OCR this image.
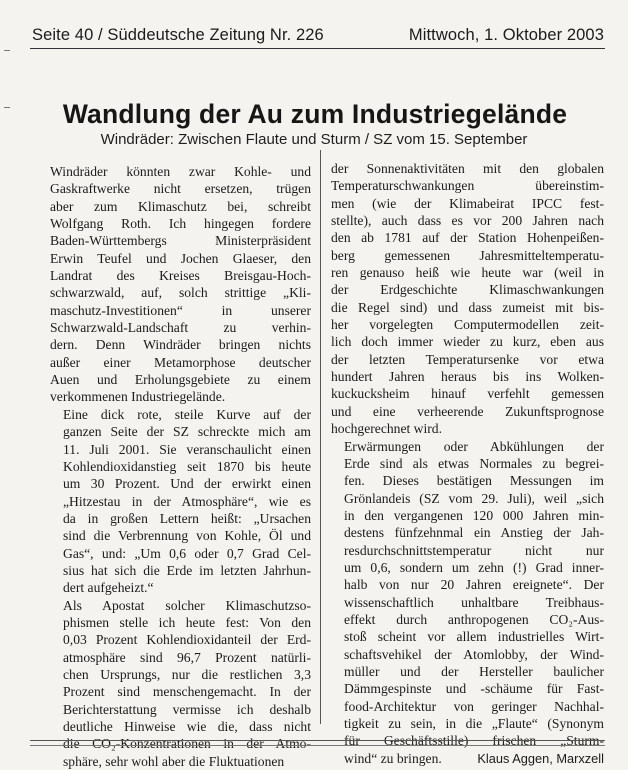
Seite 40 / Süddeutsche Zeitung Nr. 226	Mittwoch, 1. Oktober 2003
Wandlung der Au zum Industriegelände
Windräder: Zwischen Flaute und Sturm / SZ vom 15. September

Windräder könnten zwar Kohle- und
Gaskraftwerke nicht ersetzen, trügen
aber zum Klimaschutz bei, schreibt
Wolfgang Roth. Ich hingegen fordere
Baden-Württembergs Ministerpräsident
Erwin Teufel und Jochen Glaeser, den
Landrat des Kreises Breisgau-Hoch-
schwarzwald, auf, solch strittige „Kli-
maschutz-Investitionen“ in unserer
Schwarzwald-Landschaft zu verhin-
dern. Denn Windräder bringen nichts
außer einer Metamorphose deutscher
Auen und Erholungsgebiete zu einem
verkommenen Industriegelände.

Eine dick rote, steile Kurve auf der
ganzen Seite der SZ schreckte mich am
11. Juli 2001. Sie veranschaulicht einen
Kohlendioxidanstieg seit 1870 bis heute
um 30 Prozent. Und der erwirkt einen
„Hitzestau in der Atmosphäre“, wie es
da in großen Lettern heißt: „Ursachen
sind die Verbrennung von Kohle, Öl und
Gas“, und: „Um 0,6 oder 0,7 Grad Cel-
sius hat sich die Erde im letzten Jahrhun-
dert aufgeheizt.“

Als Apostat solcher Klimaschutzso-
phismen stelle ich heute fest: Von den
0,03 Prozent Kohlendioxidanteil der Erd-
atmosphäre sind 96,7 Prozent natürli-
chen Ursprungs, nur die restlichen 3,3
Prozent sind menschengemacht. In der
Berichterstattung vermisse ich deshalb
deutliche Hinweise wie die, dass nicht
die CO₂-Konzentrationen in der Atmo-
sphäre, sehr wohl aber die Fluktuationen

der Sonnenaktivitäten mit den globalen
Temperaturschwankungen übereinstim-
men (wie der Klimabeirat IPCC fest-
stellte), auch dass es vor 200 Jahren nach
den ab 1781 auf der Station Hohenpeißen-
berg gemessenen Jahresmitteltemperatu-
ren genauso heiß wie heute war (weil in
der Erdgeschichte Klimaschwankungen
die Regel sind) und dass zumeist mit bis-
her vorgelegten Computermodellen zeit-
lich doch immer wieder zu kurz, eben aus
der letzten Temperatursenke vor etwa
hundert Jahren heraus bis ins Wolken-
kuckucksheim hinauf verfehlt gemessen
und eine verheerende Zukunftsprognose
hochgerechnet wird.

Erwärmungen oder Abkühlungen der
Erde sind als etwas Normales zu begrei-
fen. Dieses bestätigen Messungen im
Grönlandeis (SZ vom 29. Juli), weil „sich
in den vergangenen 120 000 Jahren min-
destens fünfzehnmal ein Anstieg der Jah-
resdurchschnittstemperatur nicht nur
um 0,6, sondern um zehn (!) Grad inner-
halb von nur 20 Jahren ereignete“. Der
wissenschaftlich unhaltbare Treibhaus-
effekt durch anthropogenen CO₂-Aus-
stoß scheint vor allem industrielles Wirt-
schaftsvehikel der Atomlobby, der Wind-
müller und der Hersteller baulicher
Dämmgespinste und -schäume für Fast-
food-Architektur von geringer Nachhal-
tigkeit zu sein, in die „Flaute“ (Synonym
für Geschäftsstille) frischen „Sturm-
wind“ zu bringen.	Klaus Aggen, Marxzell
